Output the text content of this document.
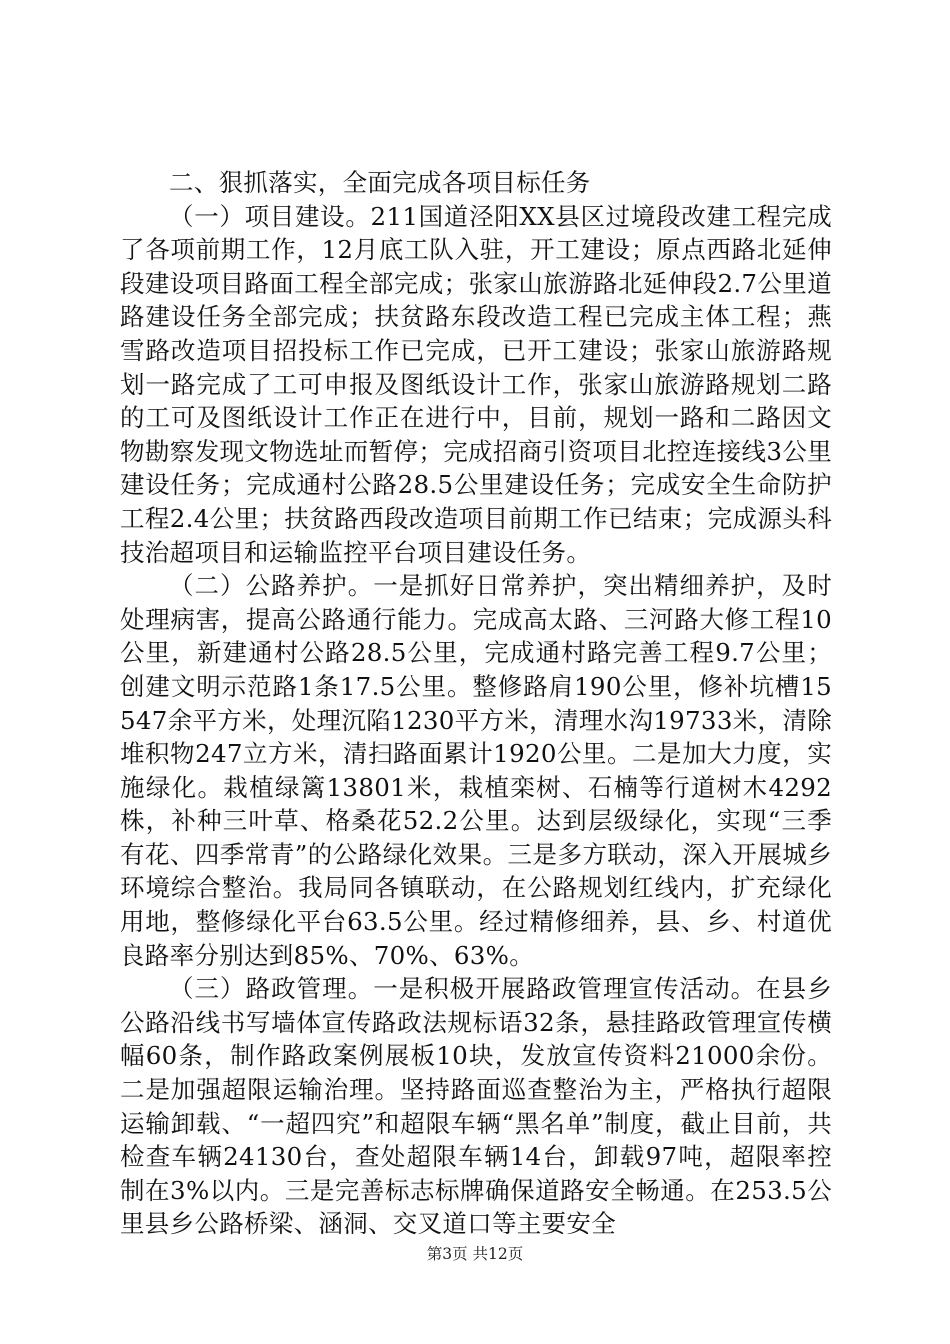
二、狠抓落实，全面完成各项目标任务

（一）项目建设。211国道泾阳XX县区过境段改建工程完成了各项前期工作，12月底工队入驻，开工建设；原点西路北延伸段建设项目路面工程全部完成；张家山旅游路北延伸段2.7公里道路建设任务全部完成；扶贫路东段改造工程已完成主体工程；燕雪路改造项目招投标工作已完成，已开工建设；张家山旅游路规划一路完成了工可申报及图纸设计工作，张家山旅游路规划二路的工可及图纸设计工作正在进行中，目前，规划一路和二路因文物勘察发现文物选址而暂停；完成招商引资项目北控连接线3公里建设任务；完成通村公路28.5公里建设任务；完成安全生命防护工程2.4公里；扶贫路西段改造项目前期工作已结束；完成源头科技治超项目和运输监控平台项目建设任务。

（二）公路养护。一是抓好日常养护，突出精细养护，及时处理病害，提高公路通行能力。完成高太路、三河路大修工程10公里，新建通村公路28.5公里，完成通村路完善工程9.7公里；创建文明示范路1条17.5公里。整修路肩190公里，修补坑槽15547余平方米，处理沉陷1230平方米，清理水沟19733米，清除堆积物247立方米，清扫路面累计1920公里。二是加大力度，实施绿化。栽植绿篱13801米，栽植栾树、石楠等行道树木4292株，补种三叶草、格桑花52.2公里。达到层级绿化，实现“三季有花、四季常青”的公路绿化效果。三是多方联动，深入开展城乡环境综合整治。我局同各镇联动，在公路规划红线内，扩充绿化用地，整修绿化平台63.5公里。经过精修细养，县、乡、村道优良路率分别达到85%、70%、63%。

（三）路政管理。一是积极开展路政管理宣传活动。在县乡公路沿线书写墙体宣传路政法规标语32条，悬挂路政管理宣传横幅60条，制作路政案例展板10块，发放宣传资料21000余份。二是加强超限运输治理。坚持路面巡查整治为主，严格执行超限运输卸载、“一超四究”和超限车辆“黑名单”制度，截止目前，共检查车辆24130台，查处超限车辆14台，卸载97吨，超限率控制在3%以内。三是完善标志标牌确保道路安全畅通。在253.5公里县乡公路桥梁、涵洞、交叉道口等主要安全

第3页 共12页
